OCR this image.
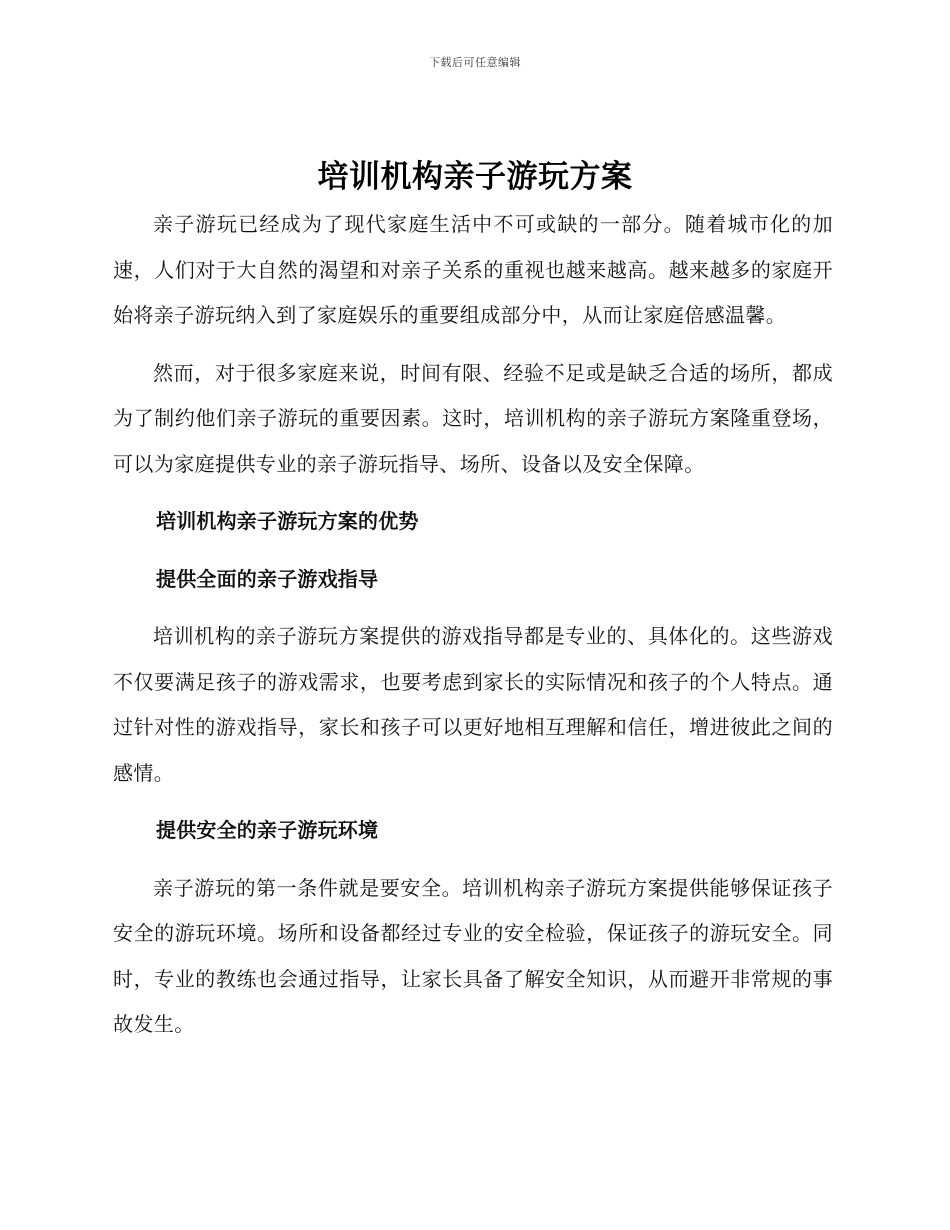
下载后可任意编辑
培训机构亲子游玩方案

亲子游玩已经成为了现代家庭生活中不可或缺的一部分。随着城市化的加速，人们对于大自然的渴望和对亲子关系的重视也越来越高。越来越多的家庭开始将亲子游玩纳入到了家庭娱乐的重要组成部分中，从而让家庭倍感温馨。

然而，对于很多家庭来说，时间有限、经验不足或是缺乏合适的场所，都成为了制约他们亲子游玩的重要因素。这时，培训机构的亲子游玩方案隆重登场，可以为家庭提供专业的亲子游玩指导、场所、设备以及安全保障。

培训机构亲子游玩方案的优势

提供全面的亲子游戏指导

培训机构的亲子游玩方案提供的游戏指导都是专业的、具体化的。这些游戏不仅要满足孩子的游戏需求，也要考虑到家长的实际情况和孩子的个人特点。通过针对性的游戏指导，家长和孩子可以更好地相互理解和信任，增进彼此之间的感情。

提供安全的亲子游玩环境

亲子游玩的第一条件就是要安全。培训机构亲子游玩方案提供能够保证孩子安全的游玩环境。场所和设备都经过专业的安全检验，保证孩子的游玩安全。同时，专业的教练也会通过指导，让家长具备了解安全知识，从而避开非常规的事故发生。
